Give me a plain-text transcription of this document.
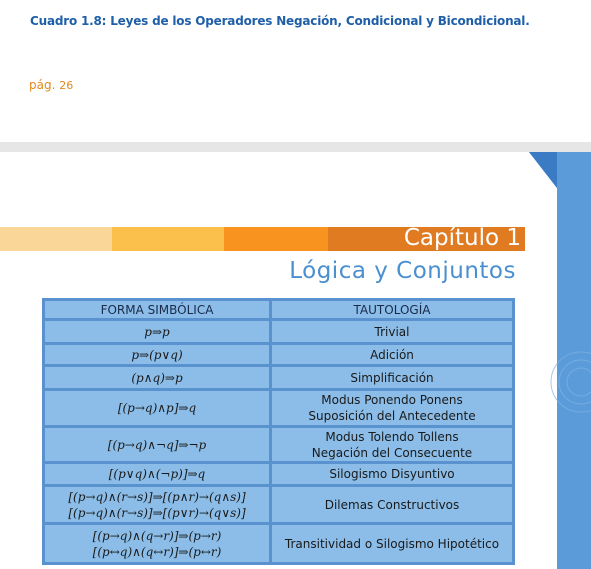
Cuadro 1.8: Leyes de los Operadores Negación, Condicional y Bicondicional.
pág. 26
Capítulo 1
Lógica y Conjuntos
FORMA SIMBÓLICA	TAUTOLOGÍA

p⇒p	Trivial

p⇒(p∨q)	Adición

(p∧q)⇒p	Simplificación

[(p→q)∧p]⇒q	Modus Ponendo Ponens
Suposición del Antecedente

[(p→q)∧¬q]⇒¬p	Modus Tolendo Tollens
Negación del Consecuente

[(p∨q)∧(¬p)]⇒q	Silogismo Disyuntivo

[(p→q)∧(r→s)]⇒[(p∧r)→(q∧s)]
[(p→q)∧(r→s)]⇒[(p∨r)→(q∨s)]	Dilemas Constructivos

[(p→q)∧(q→r)]⇒(p→r)
[(p↔q)∧(q↔r)]⇒(p↔r)	Transitividad o Silogismo Hipotético
